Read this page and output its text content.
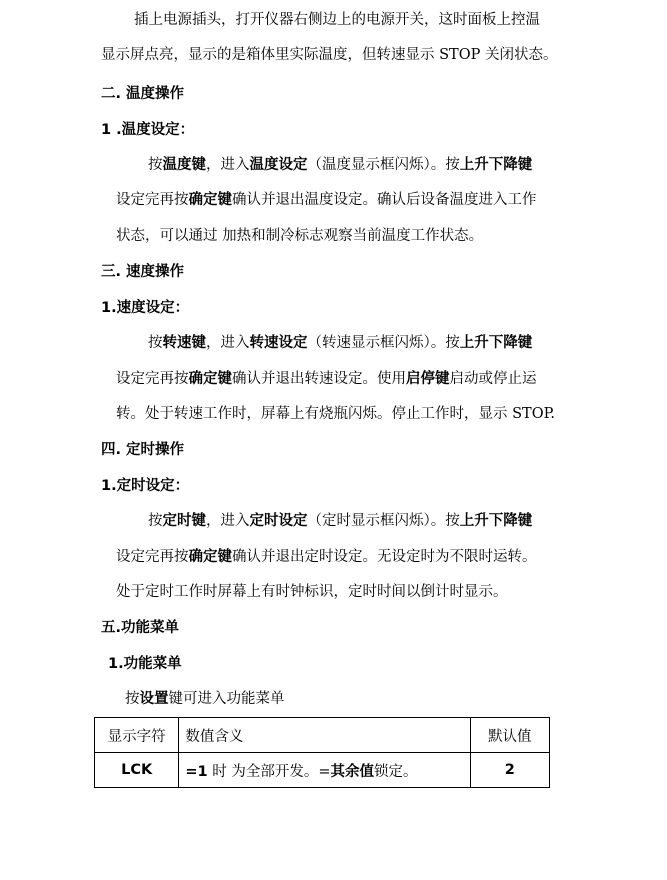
插上电源插头，打开仪器右侧边上的电源开关，这时面板上控温
显示屏点亮，显示的是箱体里实际温度，但转速显示 STOP 关闭状态。
二. 温度操作
1 .温度设定：
按温度键，进入温度设定（温度显示框闪烁）。按上升下降键
设定完再按确定键确认并退出温度设定。确认后设备温度进入工作
状态，可以通过 加热和制冷标志观察当前温度工作状态。
三. 速度操作
1.速度设定：
按转速键，进入转速设定（转速显示框闪烁）。按上升下降键
设定完再按确定键确认并退出转速设定。使用启停键启动或停止运
转。处于转速工作时，屏幕上有烧瓶闪烁。停止工作时，显示 STOP.
四. 定时操作
1.定时设定：
按定时键，进入定时设定（定时显示框闪烁）。按上升下降键
设定完再按确定键确认并退出定时设定。无设定时为不限时运转。
处于定时工作时屏幕上有时钟标识，定时时间以倒计时显示。
五.功能菜单
1.功能菜单
按设置键可进入功能菜单
显示字符	数值含义	默认值
LCK	=1 时 为全部开发。=其余值锁定。	2
